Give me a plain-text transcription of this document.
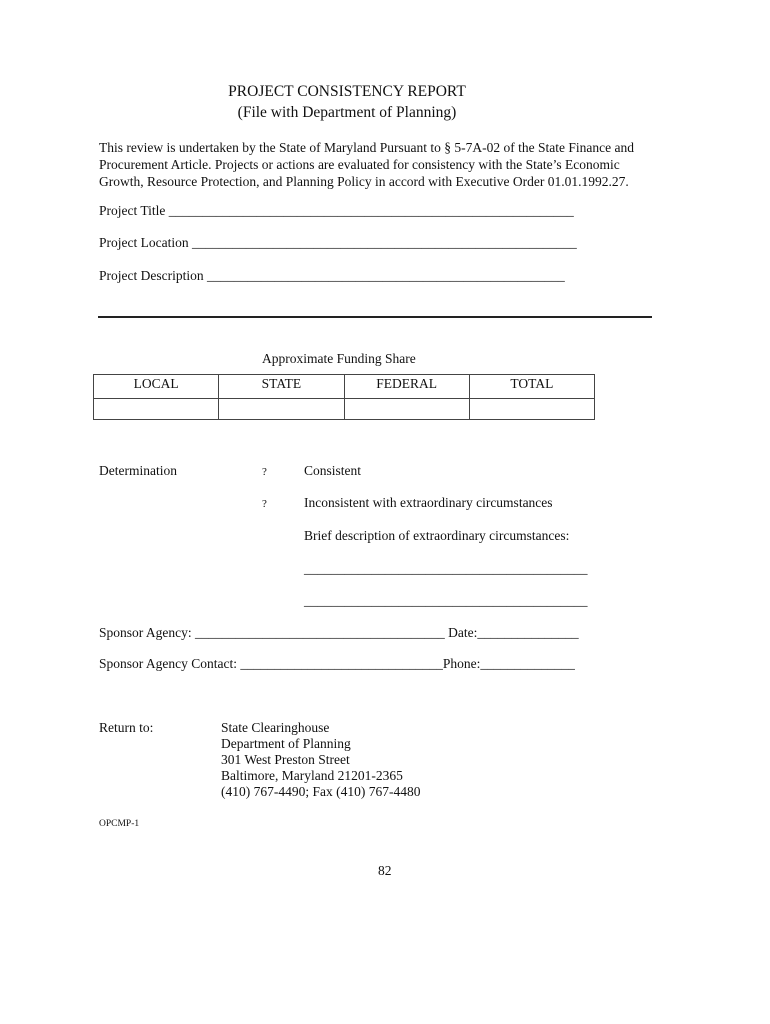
PROJECT CONSISTENCY REPORT
(File with Department of Planning)
This review is undertaken by the State of Maryland Pursuant to § 5-7A-02 of the State Finance and
Procurement Article. Projects or actions are evaluated for consistency with the State’s Economic
Growth, Resource Protection, and Planning Policy in accord with Executive Order 01.01.1992.27.
Project Title ____________________________________________________________
Project Location _________________________________________________________
Project Description _____________________________________________________
Approximate Funding Share
LOCAL	STATE	FEDERAL	TOTAL

Determination	?	Consistent
?	Inconsistent with extraordinary circumstances
Brief description of extraordinary circumstances:
__________________________________________
__________________________________________
Sponsor Agency: _____________________________________ Date:_______________
Sponsor Agency Contact: ______________________________Phone:______________
Return to:	State Clearinghouse
Department of Planning
301 West Preston Street
Baltimore, Maryland 21201-2365
(410) 767-4490; Fax (410) 767-4480
OPCMP-1
82
